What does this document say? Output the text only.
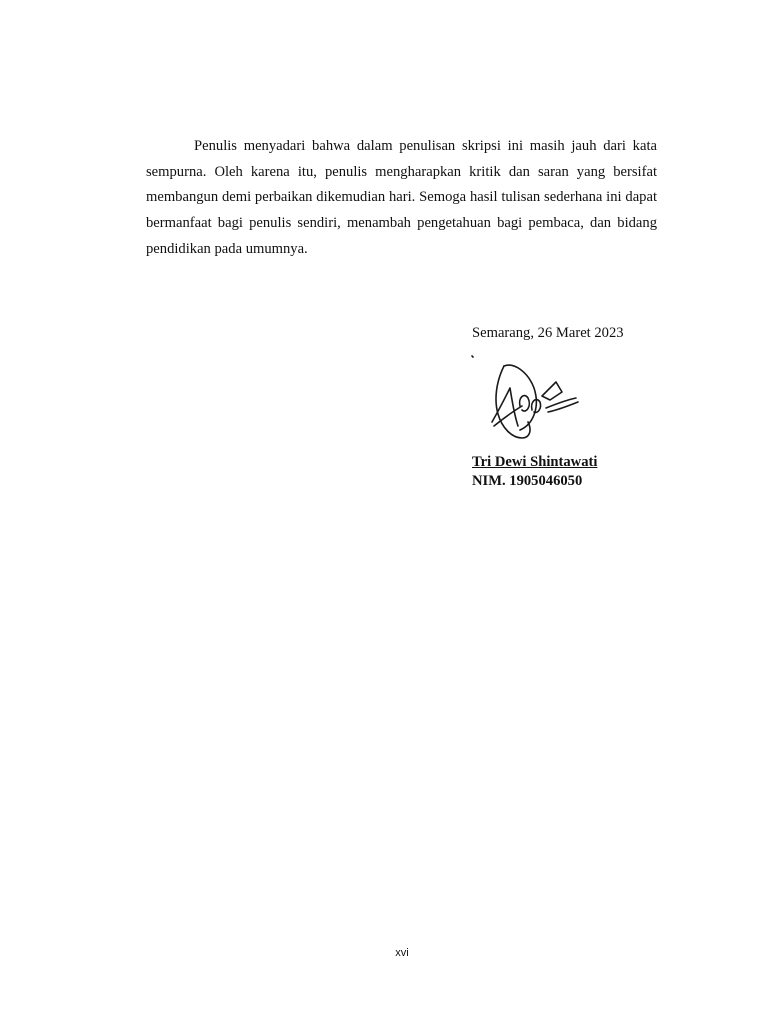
Penulis menyadari bahwa dalam penulisan skripsi ini masih jauh dari kata sempurna. Oleh karena itu, penulis mengharapkan kritik dan saran yang bersifat membangun demi perbaikan dikemudian hari. Semoga hasil tulisan sederhana ini dapat bermanfaat bagi penulis sendiri, menambah pengetahuan bagi pembaca, dan bidang pendidikan pada umumnya.

Semarang, 26 Maret 2023
Tri Dewi Shintawati
NIM. 1905046050
xvi
